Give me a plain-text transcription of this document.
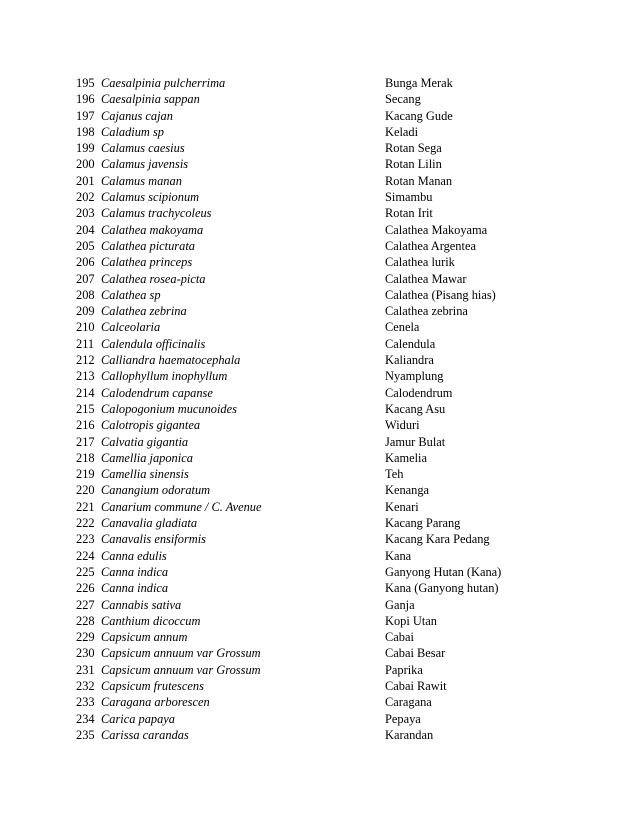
195 Caesalpinia pulcherrima	Bunga Merak
196 Caesalpinia sappan	Secang
197 Cajanus cajan	Kacang Gude
198 Caladium sp	Keladi
199 Calamus caesius	Rotan Sega
200 Calamus javensis	Rotan Lilin
201 Calamus manan	Rotan Manan
202 Calamus scipionum	Simambu
203 Calamus trachycoleus	Rotan Irit
204 Calathea makoyama	Calathea Makoyama
205 Calathea picturata	Calathea Argentea
206 Calathea princeps	Calathea lurik
207 Calathea rosea-picta	Calathea Mawar
208 Calathea sp	Calathea (Pisang hias)
209 Calathea zebrina	Calathea zebrina
210 Calceolaria	Cenela
211 Calendula officinalis	Calendula
212 Calliandra haematocephala	Kaliandra
213 Callophyllum inophyllum	Nyamplung
214 Calodendrum capanse	Calodendrum
215 Calopogonium mucunoides	Kacang Asu
216 Calotropis gigantea	Widuri
217 Calvatia gigantia	Jamur Bulat
218 Camellia japonica	Kamelia
219 Camellia sinensis	Teh
220 Canangium odoratum	Kenanga
221 Canarium commune / C. Avenue	Kenari
222 Canavalia gladiata	Kacang Parang
223 Canavalis ensiformis	Kacang Kara Pedang
224 Canna edulis	Kana
225 Canna indica	Ganyong Hutan (Kana)
226 Canna indica	Kana (Ganyong hutan)
227 Cannabis sativa	Ganja
228 Canthium dicoccum	Kopi Utan
229 Capsicum annum	Cabai
230 Capsicum annuum var Grossum	Cabai Besar
231 Capsicum annuum var Grossum	Paprika
232 Capsicum frutescens	Cabai Rawit
233 Caragana arborescen	Caragana
234 Carica papaya	Pepaya
235 Carissa carandas	Karandan
